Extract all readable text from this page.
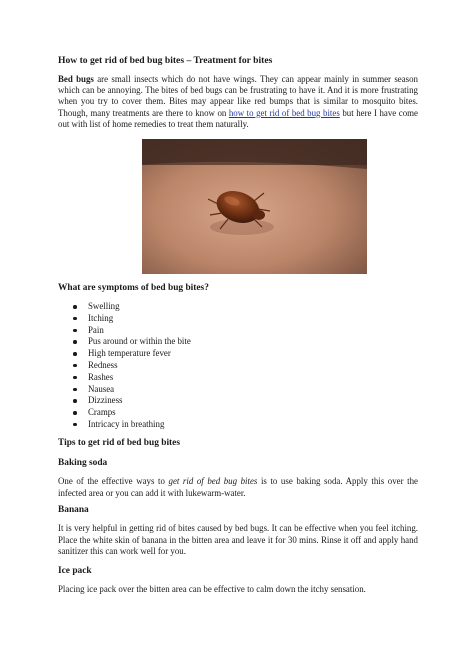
How to get rid of bed bug bites – Treatment for bites

Bed bugs are small insects which do not have wings. They can appear mainly in summer season which can be annoying. The bites of bed bugs can be frustrating to have it. And it is more frustrating when you try to cover them. Bites may appear like red bumps that is similar to mosquito bites. Though, many treatments are there to know on how to get rid of bed bug bites but here I have come out with list of home remedies to treat them naturally.

What are symptoms of bed bug bites?
Swelling
Itching
Pain
Pus around or within the bite
High temperature fever
Redness
Rashes
Nausea
Dizziness
Cramps
Intricacy in breathing
Tips to get rid of bed bug bites
Baking soda

One of the effective ways to get rid of bed bug bites is to use baking soda. Apply this over the infected area or you can add it with lukewarm-water.

Banana

It is very helpful in getting rid of bites caused by bed bugs. It can be effective when you feel itching. Place the white skin of banana in the bitten area and leave it for 30 mins. Rinse it off and apply hand sanitizer this can work well for you.

Ice pack

Placing ice pack over the bitten area can be effective to calm down the itchy sensation.
